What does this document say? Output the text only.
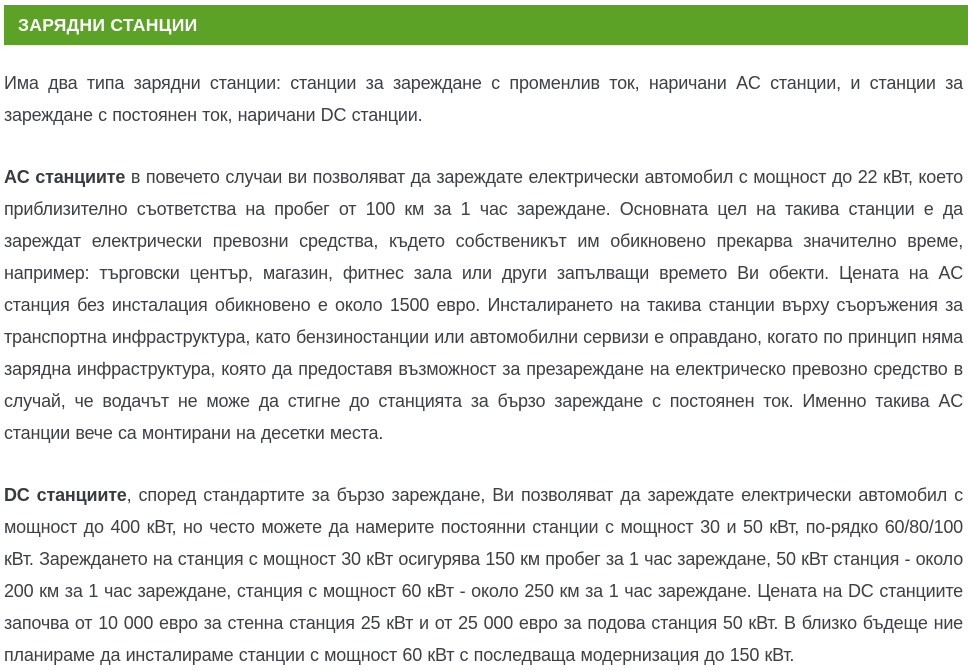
ЗАРЯДНИ СТАНЦИИ

Има два типа зарядни станции: станции за зареждане с променлив ток, наричани AC станции, и станции за зареждане с постоянен ток, наричани DC станции.

AC станциите в повечето случаи ви позволяват да зареждате електрически автомобил с мощност до 22 кВт, което приблизително съответства на пробег от 100 км за 1 час зареждане. Основната цел на такива станции е да зареждат електрически превозни средства, където собственикът им обикновено прекарва значително време, например: търговски център, магазин, фитнес зала или други запълващи времето Ви обекти. Цената на AC станция без инсталация обикновено е около 1500 евро. Инсталирането на такива станции върху съоръжения за транспортна инфраструктура, като бензиностанции или автомобилни сервизи е оправдано, когато по принцип няма зарядна инфраструктура, която да предоставя възможност за презареждане на електрическо превозно средство в случай, че водачът не може да стигне до станцията за бързо зареждане с постоянен ток. Именно такива AC станции вече са монтирани на десетки места.

DC станциите, според стандартите за бързо зареждане, Ви позволяват да зареждате електрически автомобил с мощност до 400 кВт, но често можете да намерите постоянни станции с мощност 30 и 50 кВт, по-рядко 60/80/100 кВт. Зареждането на станция с мощност 30 кВт осигурява 150 км пробег за 1 час зареждане, 50 кВт станция - около 200 км за 1 час зареждане, станция с мощност 60 кВт - около 250 км за 1 час зареждане. Цената на DC станциите започва от 10 000 евро за стенна станция 25 кВт и от 25 000 евро за подова станция 50 кВт. В близко бъдеще ние планираме да инсталираме станции с мощност 60 кВт с последваща модернизация до 150 кВт.
